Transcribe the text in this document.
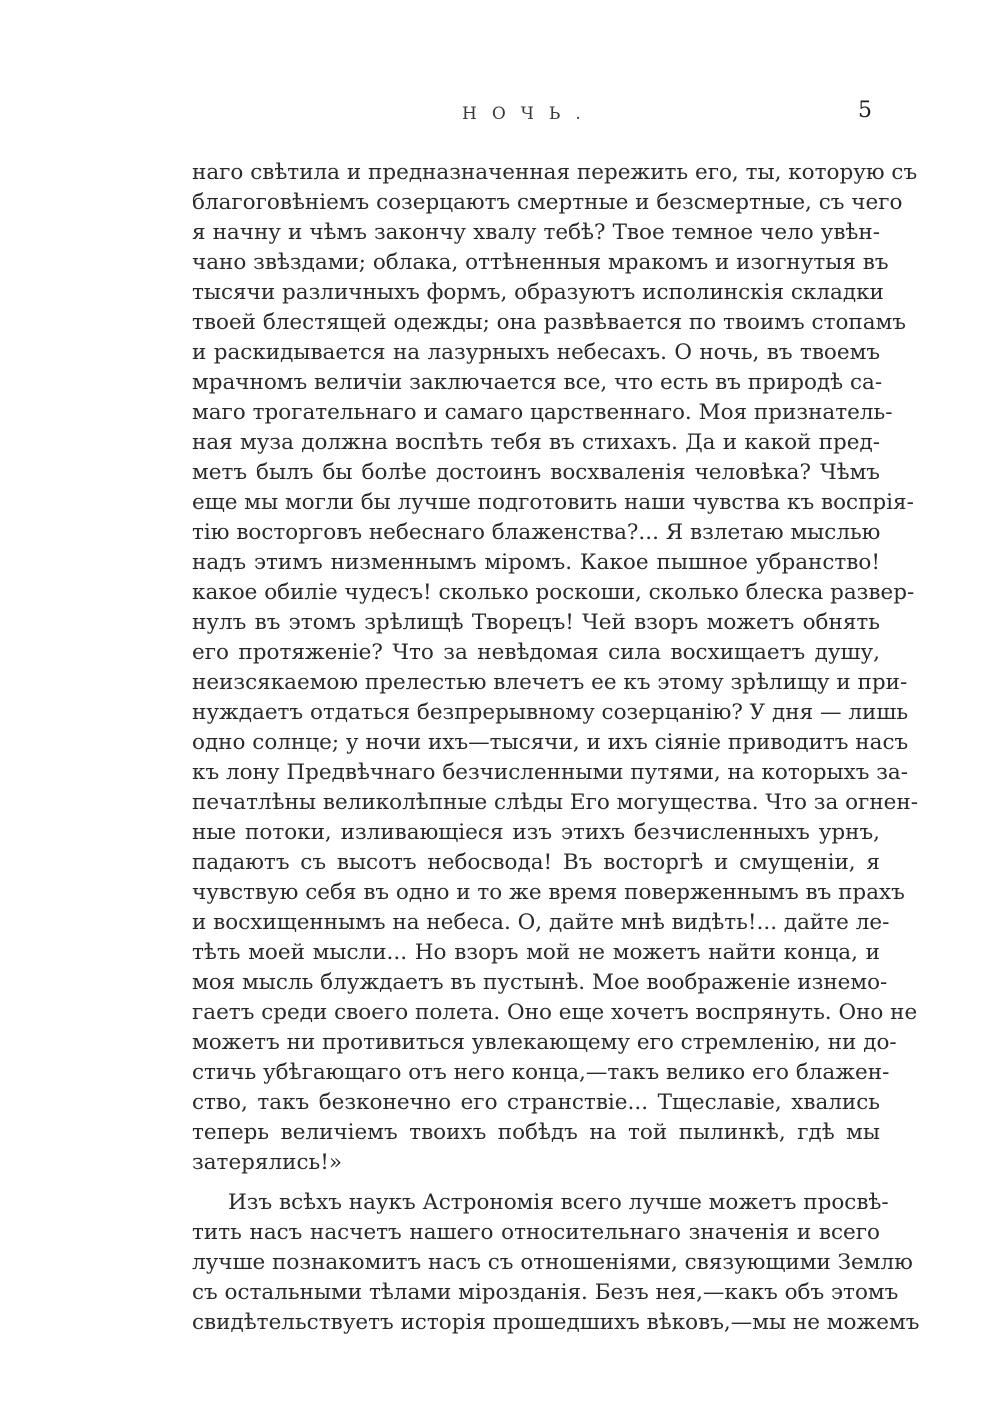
НОЧЬ.	5

наго свѣтила и предназначенная пережить его, ты, которую съ
благоговѣніемъ созерцаютъ смертные и безсмертные, съ чего
я начну и чѣмъ закончу хвалу тебѣ? Твое темное чело увѣн-
чано звѣздами; облака, оттѣненныя мракомъ и изогнутыя въ
тысячи различныхъ формъ, образуютъ исполинскія складки
твоей блестящей одежды; она развѣвается по твоимъ стопамъ
и раскидывается на лазурныхъ небесахъ. О ночь, въ твоемъ
мрачномъ величіи заключается все, что есть въ природѣ са-
маго трогательнаго и самаго царственнаго. Моя признатель-
ная муза должна воспѣть тебя въ стихахъ. Да и какой пред-
метъ былъ бы болѣе достоинъ восхваленія человѣка? Чѣмъ
еще мы могли бы лучше подготовить наши чувства къ воспрія-
тію восторговъ небеснаго блаженства?... Я взлетаю мыслью
надъ этимъ низменнымъ міромъ. Какое пышное убранство!
какое обиліе чудесъ! сколько роскоши, сколько блеска развер-
нулъ въ этомъ зрѣлищѣ Творецъ! Чей взоръ можетъ обнять
его протяженіе? Что за невѣдомая сила восхищаетъ душу,
неизсякаемою прелестью влечетъ ее къ этому зрѣлищу и при-
нуждаетъ отдаться безпрерывному созерцанію? У дня — лишь
одно солнце; у ночи ихъ—тысячи, и ихъ сіяніе приводитъ насъ
къ лону Предвѣчнаго безчисленными путями, на которыхъ за-
печатлѣны великолѣпные слѣды Его могущества. Что за огнен-
ные потоки, изливающіеся изъ этихъ безчисленныхъ урнъ,
падаютъ съ высотъ небосвода! Въ восторгѣ и смущеніи, я
чувствую себя въ одно и то же время поверженнымъ въ прахъ
и восхищеннымъ на небеса. О, дайте мнѣ видѣть!... дайте ле-
тѣть моей мысли... Но взоръ мой не можетъ найти конца, и
моя мысль блуждаетъ въ пустынѣ. Мое воображеніе изнемо-
гаетъ среди своего полета. Оно еще хочетъ воспрянуть. Оно не
можетъ ни противиться увлекающему его стремленію, ни до-
стичь убѣгающаго отъ него конца,—такъ велико его блажен-
ство, такъ безконечно его странствіе... Тщеславіе, хвались
теперь величіемъ твоихъ побѣдъ на той пылинкѣ, гдѣ мы
затерялись!»

Изъ всѣхъ наукъ Астрономія всего лучше можетъ просвѣ-
тить насъ насчетъ нашего относительнаго значенія и всего
лучше познакомитъ насъ съ отношеніями, связующими Землю
съ остальными тѣлами мірозданія. Безъ нея,—какъ объ этомъ
свидѣтельствуетъ исторія прошедшихъ вѣковъ,—мы не можемъ
